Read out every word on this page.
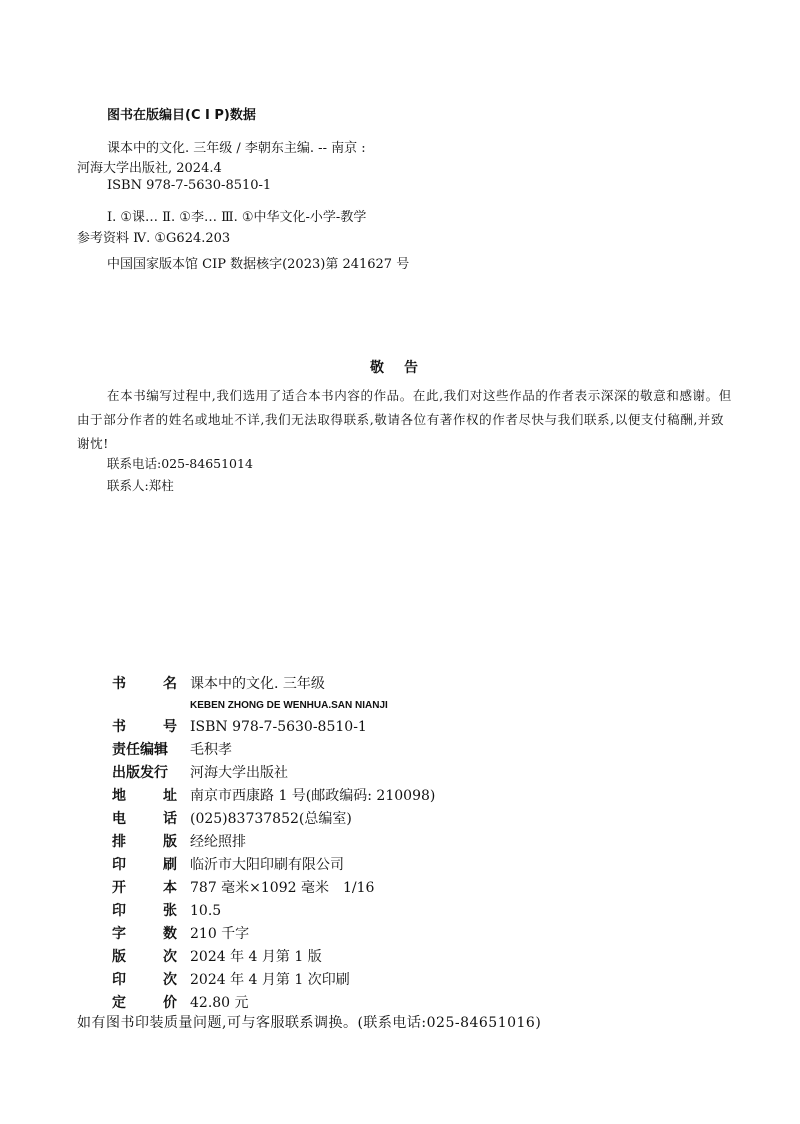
图书在版编目(C I P)数据
课本中的文化. 三年级 / 李朝东主编. -- 南京 :
河海大学出版社, 2024.4
ISBN 978-7-5630-8510-1
Ⅰ. ①课… Ⅱ. ①李… Ⅲ. ①中华文化-小学-教学
参考资料 Ⅳ. ①G624.203
中国国家版本馆 CIP 数据核字(2023)第 241627 号
敬告

在本书编写过程中,我们选用了适合本书内容的作品。在此,我们对这些作品的作者表示深深的敬意和感谢。但由于部分作者的姓名或地址不详,我们无法取得联系,敬请各位有著作权的作者尽快与我们联系,以便支付稿酬,并致谢忱!

联系电话:025-84651014
联系人:郑柱
书	名 课本中的文化. 三年级
KEBEN ZHONG DE WENHUA.SAN NIANJI
书	号 ISBN 978-7-5630-8510-1
责任编辑	毛积孝
出版发行	河海大学出版社
地	址 南京市西康路 1 号(邮政编码: 210098)
电	话 (025)83737852(总编室)
排	版 经纶照排
印	刷 临沂市大阳印刷有限公司
开	本 787 毫米×1092 毫米　1/16
印	张 10.5
字	数 210 千字
版	次 2024 年 4 月第 1 版
印	次 2024 年 4 月第 1 次印刷
定	价 42.80 元
如有图书印装质量问题,可与客服联系调换。(联系电话:025-84651016)
